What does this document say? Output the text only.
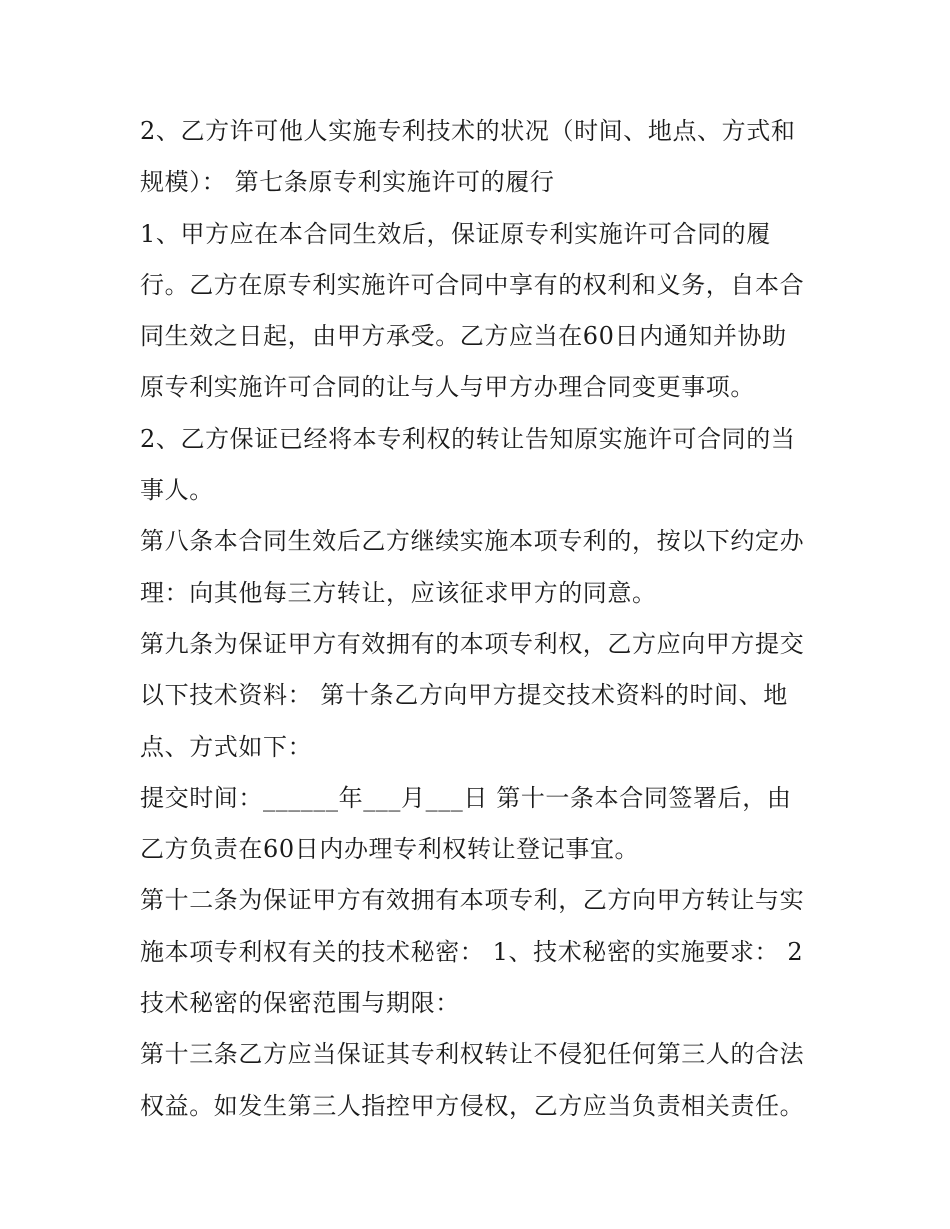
2、乙方许可他人实施专利技术的状况（时间、地点、方式和
规模）： 第七条原专利实施许可的履行
1、甲方应在本合同生效后，保证原专利实施许可合同的履
行。乙方在原专利实施许可合同中享有的权利和义务，自本合
同生效之日起，由甲方承受。乙方应当在60日内通知并协助
原专利实施许可合同的让与人与甲方办理合同变更事项。
2、乙方保证已经将本专利权的转让告知原实施许可合同的当
事人。
第八条本合同生效后乙方继续实施本项专利的，按以下约定办
理：向其他每三方转让，应该征求甲方的同意。
第九条为保证甲方有效拥有的本项专利权，乙方应向甲方提交
以下技术资料： 第十条乙方向甲方提交技术资料的时间、地
点、方式如下：
提交时间：______年___月___日 第十一条本合同签署后，由
乙方负责在60日内办理专利权转让登记事宜。
第十二条为保证甲方有效拥有本项专利，乙方向甲方转让与实
施本项专利权有关的技术秘密： 1、技术秘密的实施要求： 2
技术秘密的保密范围与期限：
第十三条乙方应当保证其专利权转让不侵犯任何第三人的合法
权益。如发生第三人指控甲方侵权，乙方应当负责相关责任。
